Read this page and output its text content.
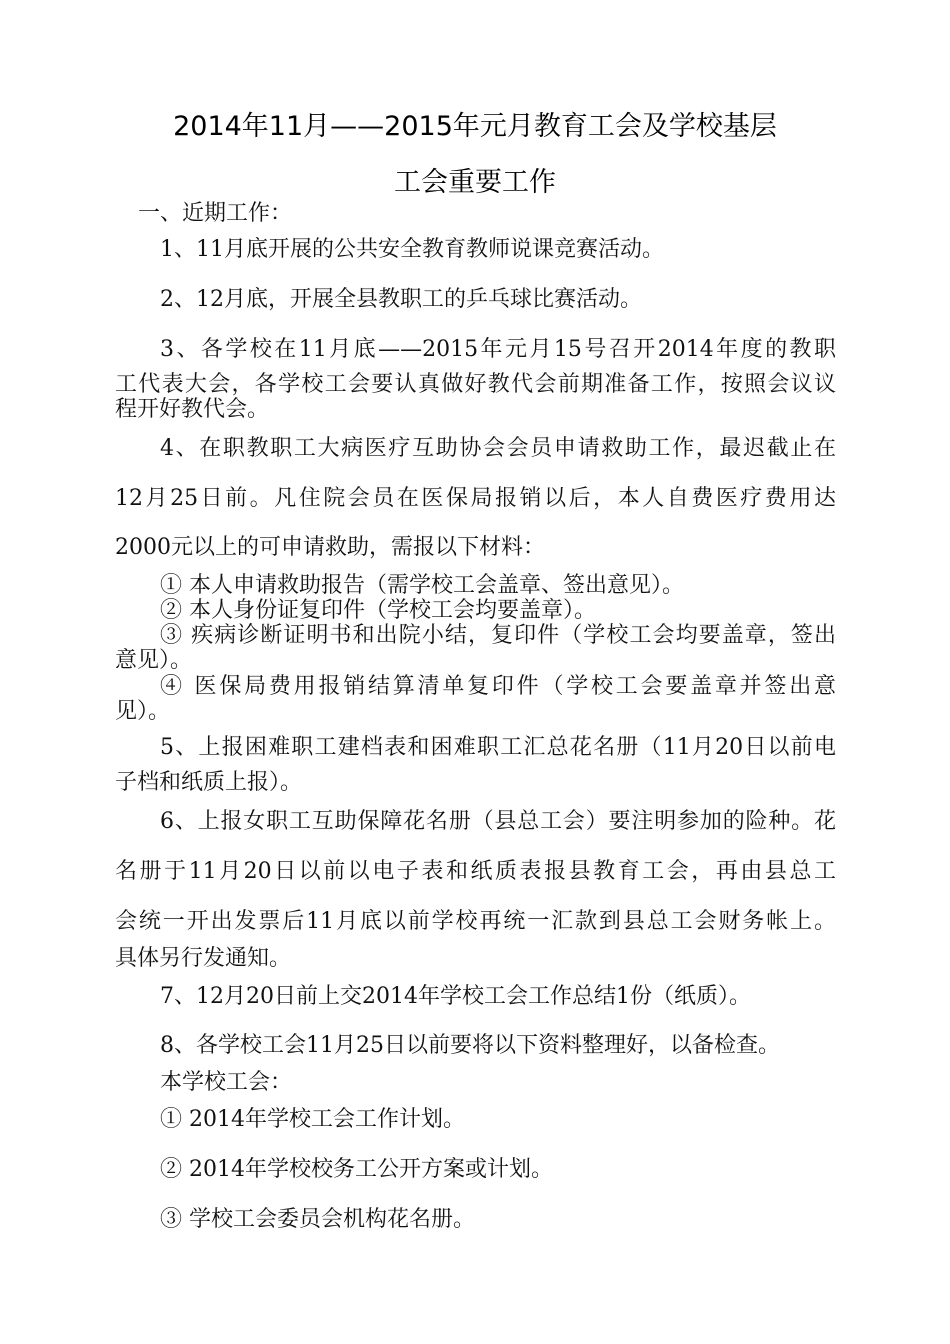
2014年11月——2015年元月教育工会及学校基层
工会重要工作
一、近期工作：
1、11月底开展的公共安全教育教师说课竞赛活动。
2、12月底，开展全县教职工的乒乓球比赛活动。
3、各学校在11月底——2015年元月15号召开2014年度的教职
工代表大会，各学校工会要认真做好教代会前期准备工作，按照会议议
程开好教代会。
4、在职教职工大病医疗互助协会会员申请救助工作，最迟截止在
12月25日前。凡住院会员在医保局报销以后，本人自费医疗费用达
2000元以上的可申请救助，需报以下材料：
① 本人申请救助报告（需学校工会盖章、签出意见）。
② 本人身份证复印件（学校工会均要盖章）。
③ 疾病诊断证明书和出院小结，复印件（学校工会均要盖章，签出
意见）。
④ 医保局费用报销结算清单复印件（学校工会要盖章并签出意
见）。
5、上报困难职工建档表和困难职工汇总花名册（11月20日以前电
子档和纸质上报）。
6、上报女职工互助保障花名册（县总工会）要注明参加的险种。花
名册于11月20日以前以电子表和纸质表报县教育工会，再由县总工
会统一开出发票后11月底以前学校再统一汇款到县总工会财务帐上。
具体另行发通知。
7、12月20日前上交2014年学校工会工作总结1份（纸质）。
8、各学校工会11月25日以前要将以下资料整理好，以备检查。
本学校工会：
① 2014年学校工会工作计划。
② 2014年学校校务工公开方案或计划。
③ 学校工会委员会机构花名册。
